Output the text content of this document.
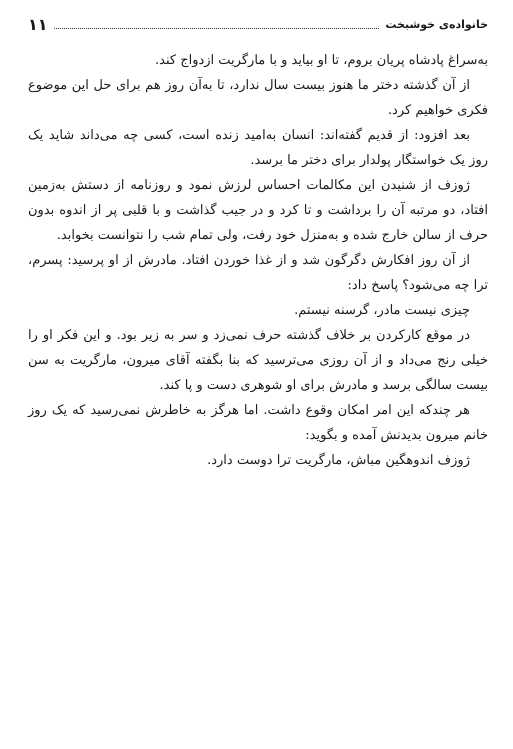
خانواده‌ی خوشبخت
۱۱

به‌سراغ پادشاه پریان بروم، تا او بیاید و با مارگریت ازدواج کند.

از آن گذشته دختر ما هنوز بیست سال ندارد، تا به‌آن روز هم برای حل این موضوع فکری خواهیم کرد.

بعد افزود: از قدیم گفته‌اند: انسان به‌امید زنده است، کسی چه می‌داند شاید یک روز یک خواستگار پولدار برای دختر ما برسد.

ژوزف از شنیدن این مکالمات احساس لرزش نمود و روزنامه از دستش به‌زمین افتاد، دو مرتبه آن را برداشت و تا کرد و در جیب گذاشت و با قلبی پر از اندوه بدون حرف از سالن خارج شده و به‌منزل خود رفت، ولی تمام شب را نتوانست بخوابد.

از آن روز افکارش دگرگون شد و از غذا خوردن افتاد. مادرش از او پرسید: پسرم، ترا چه می‌شود؟ پاسخ داد:

چیزی نیست مادر، گرسنه نیستم.

در موقع کارکردن بر خلاف گذشته حرف نمی‌زد و سر به زیر بود. و این فکر او را خیلی رنج می‌داد و از آن روزی می‌ترسید که بنا بگفته آقای میرون، مارگریت به سن بیست سالگی برسد و مادرش برای او شوهری دست و پا کند.

هر چندکه این امر امکان وقوع داشت. اما هرگز به خاطرش نمی‌رسید که یک روز خانم میرون بدیدنش آمده و بگوید:

ژوزف اندوهگین مباش، مارگریت ترا دوست دارد.
